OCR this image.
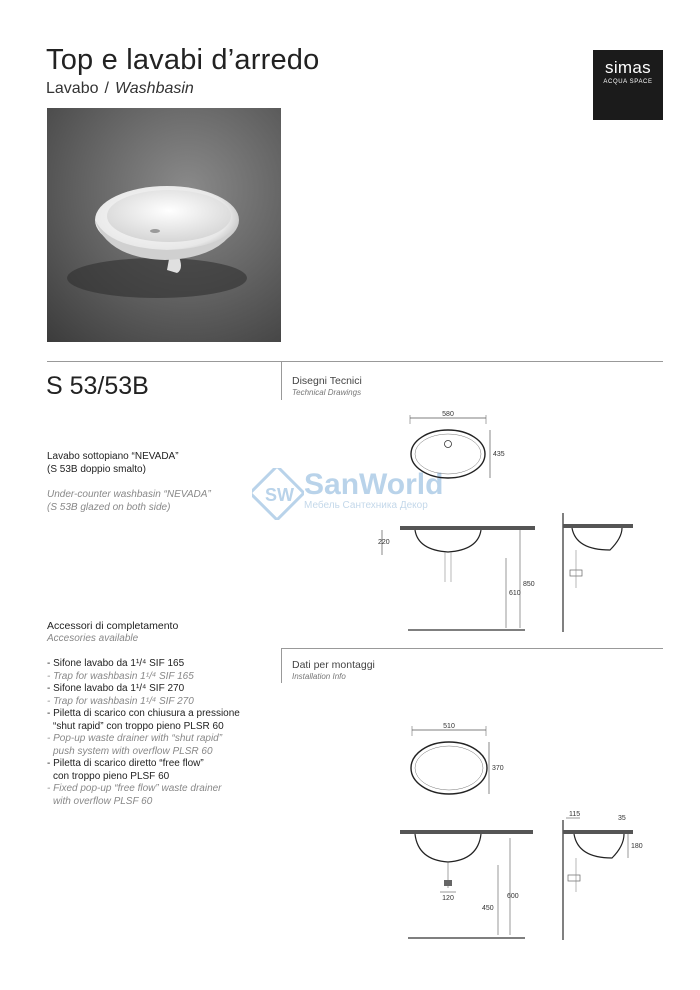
Top e lavabi d’arredo
Lavabo / Washbasin
simas
ACQUA SPACE
S 53/53B	Disegni Tecnici
Technical Drawings
Lavabo sottopiano “NEVADA”
(S 53B doppio smalto)
Under-counter washbasin “NEVADA”
(S 53B glazed on both side)
SW SanWorld
Мебель Сантехника Декор
580
435
220
610
850
Accessori di completamento
Accesories available
- Sifone lavabo da 1¹/⁴ SIF 165
- Trap for washbasin 1¹/⁴ SIF 165
- Sifone lavabo da 1¹/⁴ SIF 270
- Trap for washbasin 1¹/⁴ SIF 270
- Piletta di scarico con chiusura a pressione
“shut rapid” con troppo pieno PLSR 60
- Pop-up waste drainer with “shut rapid”
push system with overflow PLSR 60
- Piletta di scarico diretto “free flow”
con troppo pieno PLSF 60
- Fixed pop-up “free flow” waste drainer
with overflow PLSF 60
Dati per montaggi
Installation Info
510
370
120
450
600
115
35
180
